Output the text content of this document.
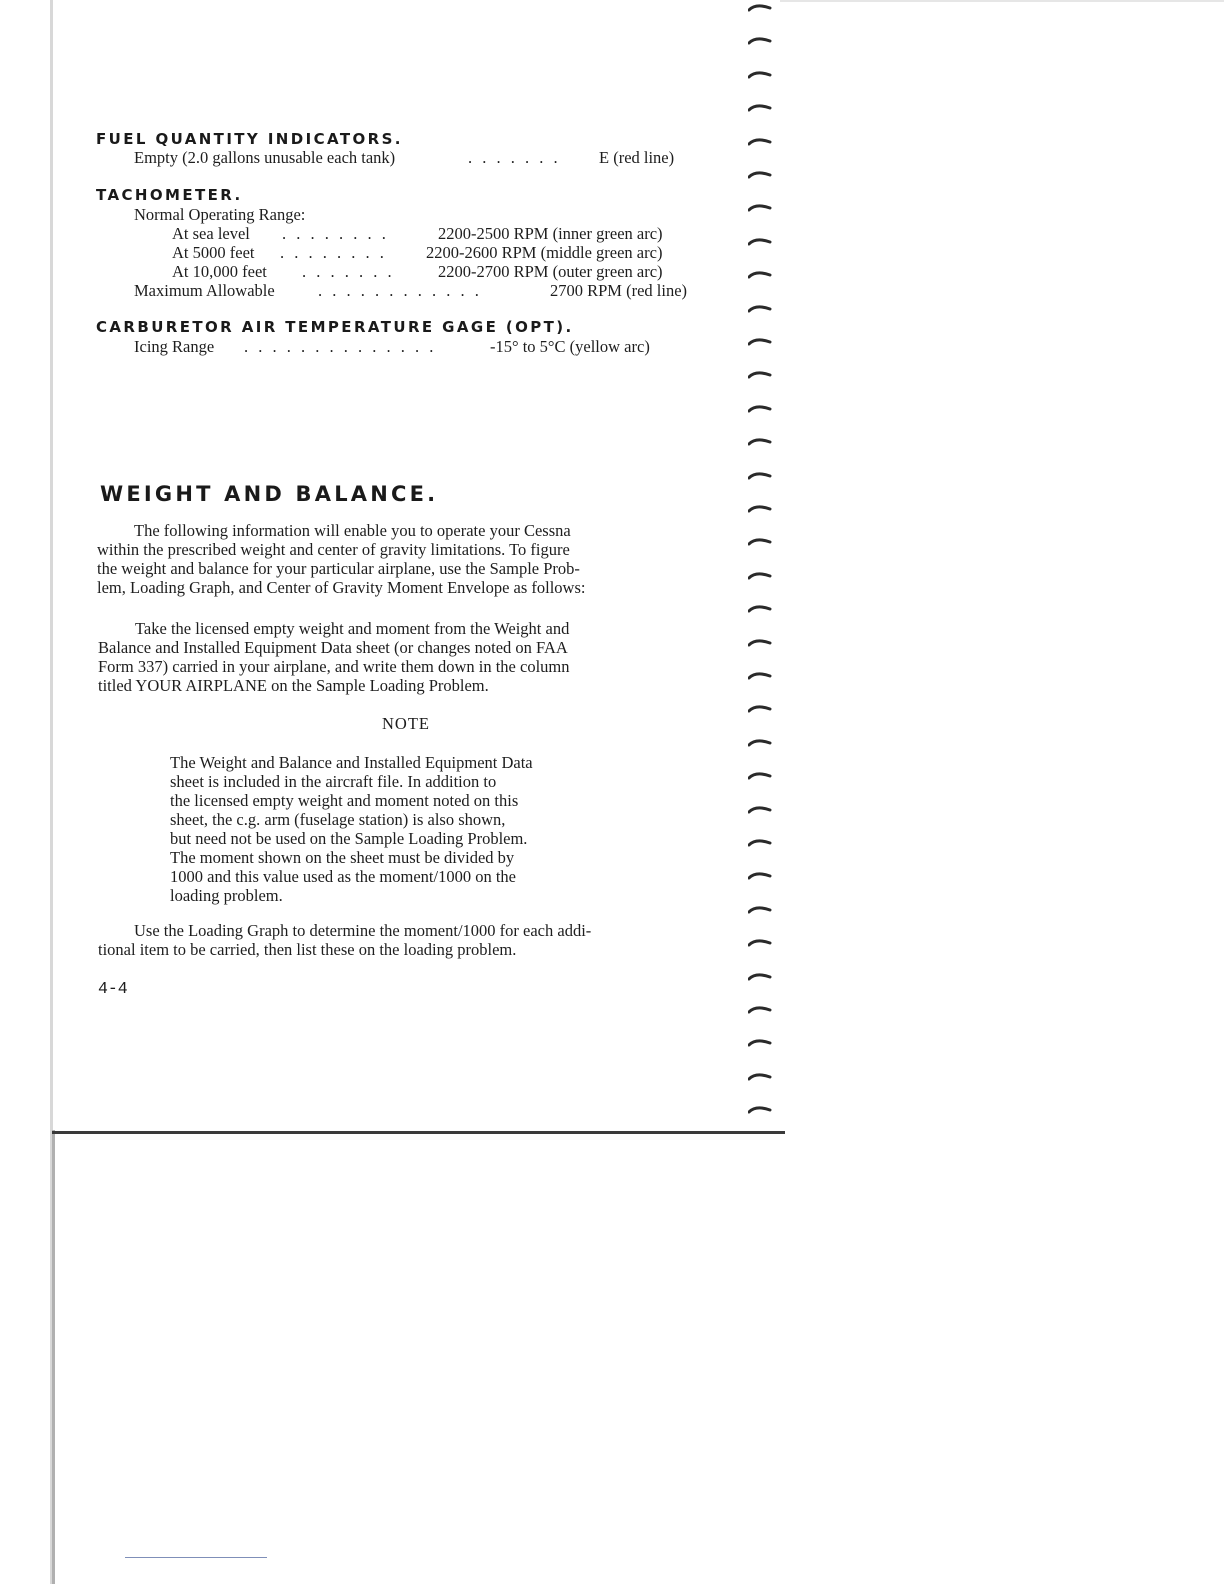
FUEL QUANTITY INDICATORS.
Empty (2.0 gallons unusable each tank)	. . . . . . . E (red line)
TACHOMETER.
Normal Operating Range:
At sea level . . . . . . . .	2200-2500 RPM (inner green arc)
At 5000 feet . . . . . . . . 2200-2600 RPM (middle green arc)
At 10,000 feet . . . . . . .	2200-2700 RPM (outer green arc)
Maximum Allowable	. . . . . . . . . . . .	2700 RPM (red line)
CARBURETOR AIR TEMPERATURE GAGE (OPT).
Icing Range . . . . . . . . . . . . . .	-15° to 5°C (yellow arc)
WEIGHT AND BALANCE.
The following information will enable you to operate your Cessna
within the prescribed weight and center of gravity limitations. To figure
the weight and balance for your particular airplane, use the Sample Prob-
lem, Loading Graph, and Center of Gravity Moment Envelope as follows:
Take the licensed empty weight and moment from the Weight and
Balance and Installed Equipment Data sheet (or changes noted on FAA
Form 337) carried in your airplane, and write them down in the column
titled YOUR AIRPLANE on the Sample Loading Problem.
NOTE
The Weight and Balance and Installed Equipment Data
sheet is included in the aircraft file. In addition to
the licensed empty weight and moment noted on this
sheet, the c.g. arm (fuselage station) is also shown,
but need not be used on the Sample Loading Problem.
The moment shown on the sheet must be divided by
1000 and this value used as the moment/1000 on the
loading problem.
Use the Loading Graph to determine the moment/1000 for each addi-
tional item to be carried, then list these on the loading problem.
4-4
